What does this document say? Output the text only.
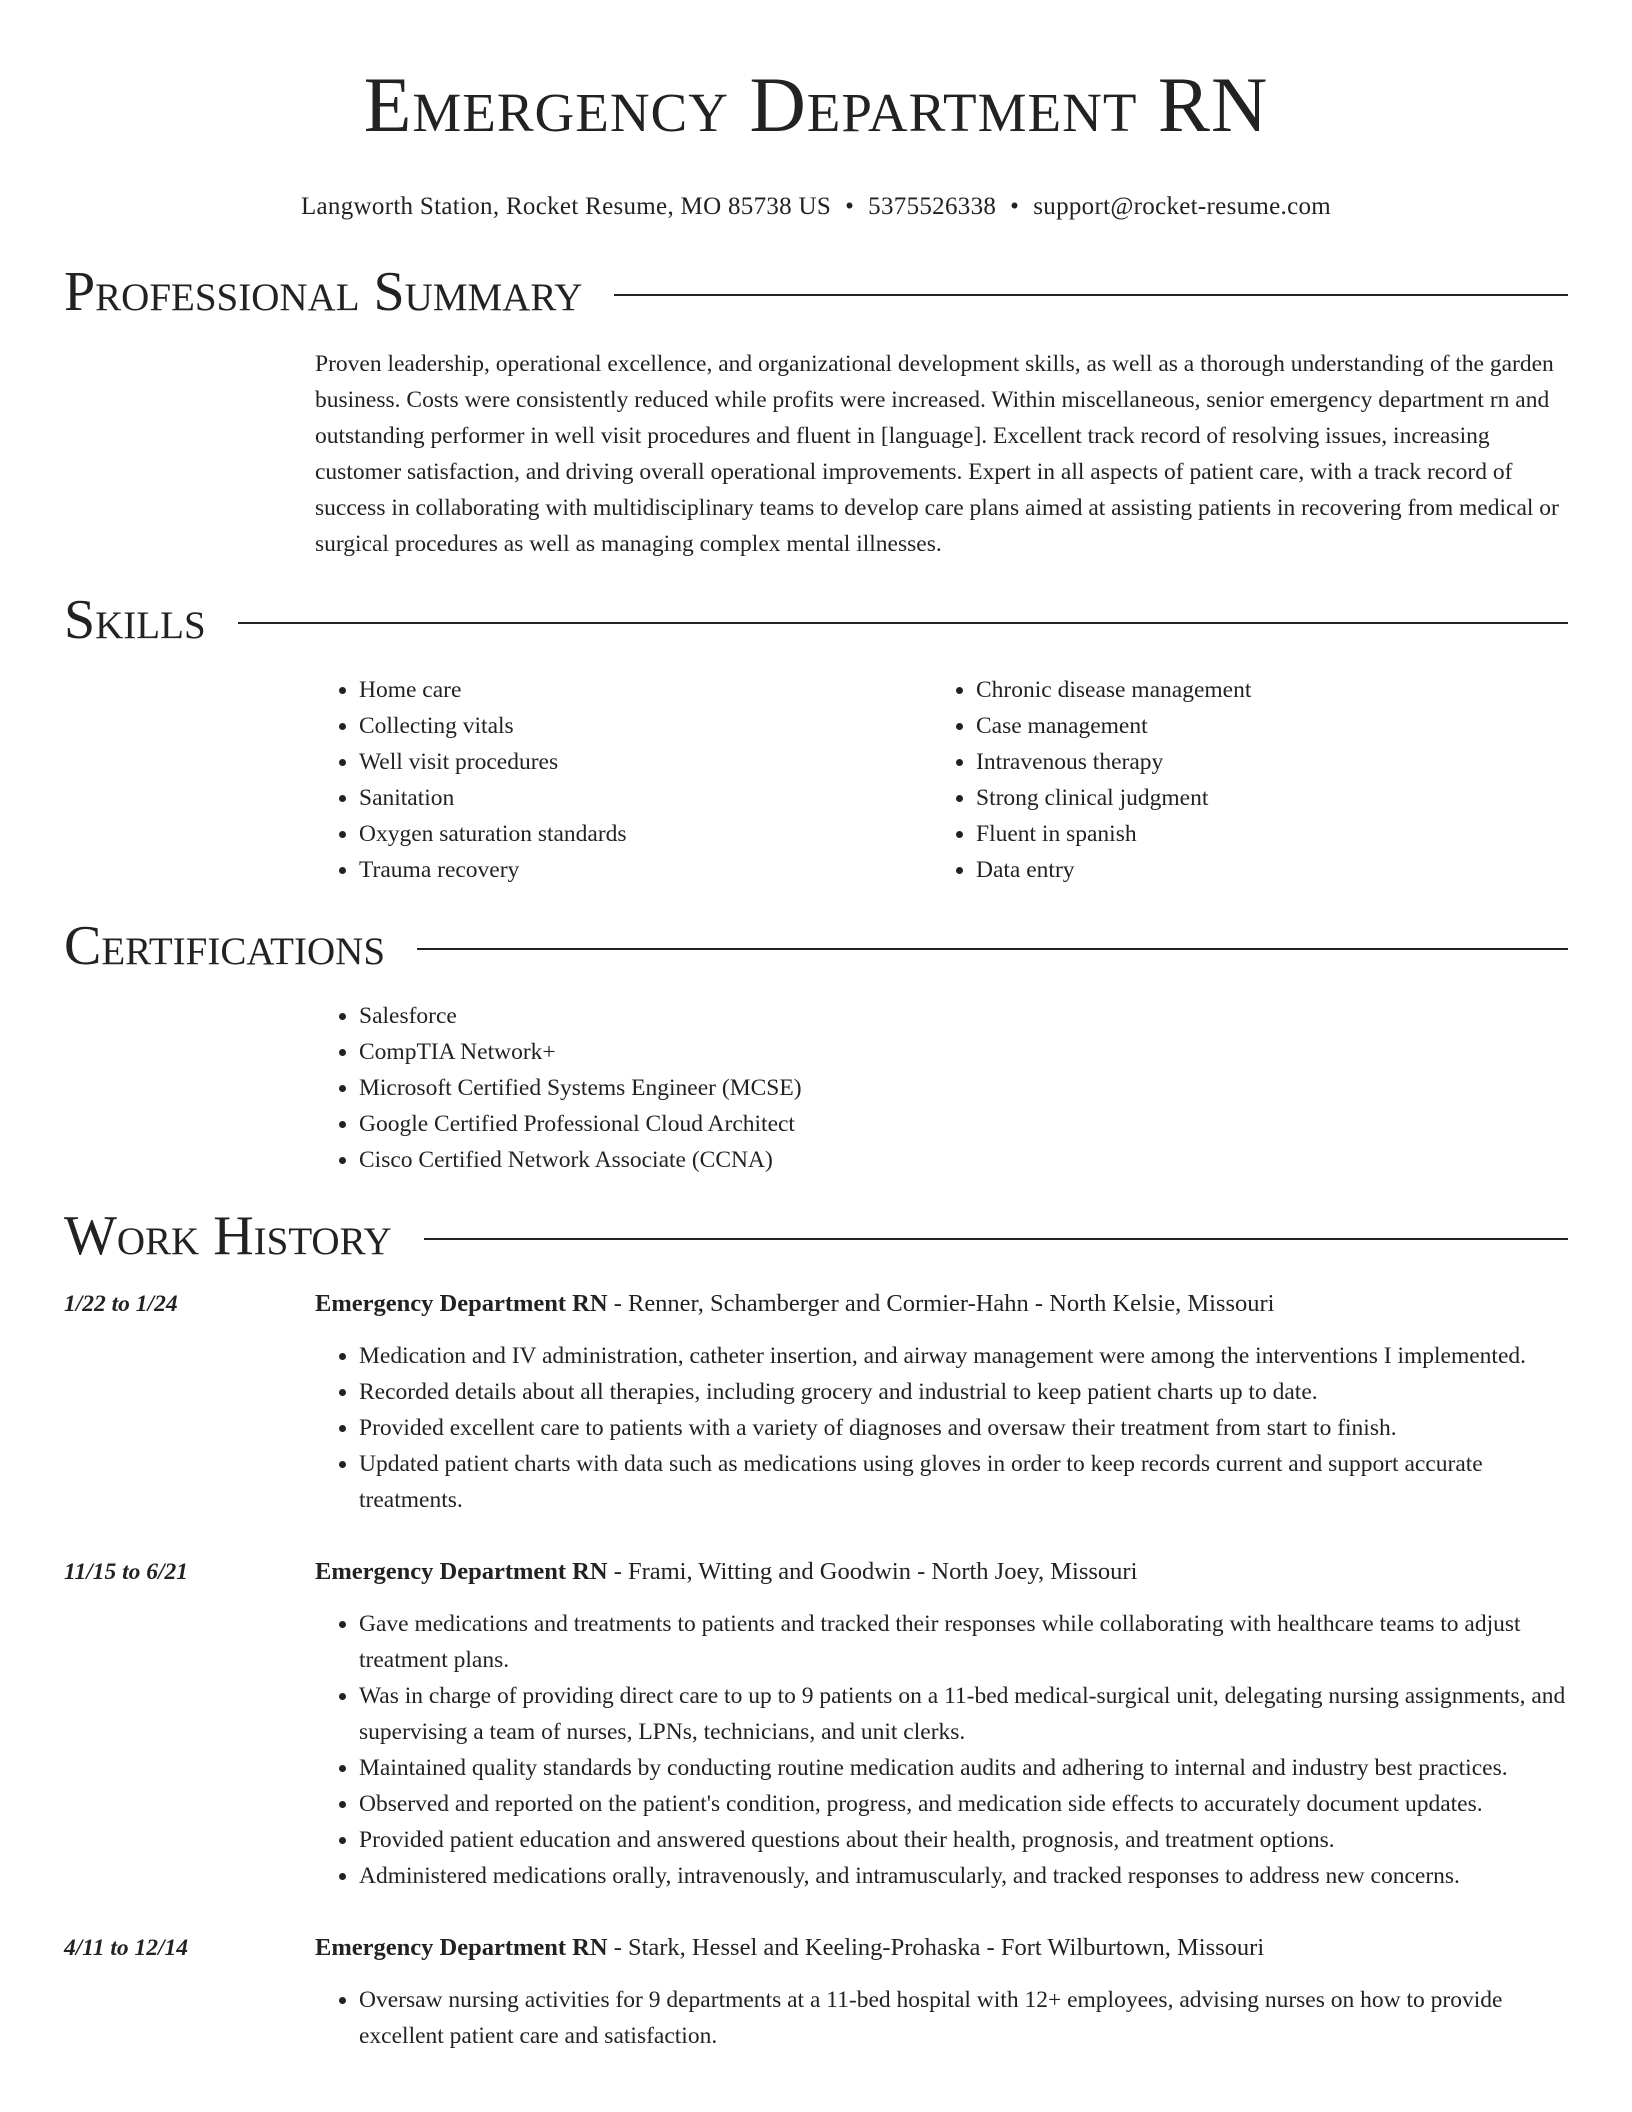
Emergency Department RN
Langworth Station, Rocket Resume, MO 85738 US • 5375526338 • support@rocket-resume.com
Professional Summary
Proven leadership, operational excellence, and organizational development skills, as well as a thorough understanding of the garden business. Costs were consistently reduced while profits were increased. Within miscellaneous, senior emergency department rn and outstanding performer in well visit procedures and fluent in [language]. Excellent track record of resolving issues, increasing customer satisfaction, and driving overall operational improvements. Expert in all aspects of patient care, with a track record of success in collaborating with multidisciplinary teams to develop care plans aimed at assisting patients in recovering from medical or surgical procedures as well as managing complex mental illnesses.
Skills
• Home care
• Collecting vitals
• Well visit procedures
• Sanitation
• Oxygen saturation standards
• Trauma recovery
• Chronic disease management
• Case management
• Intravenous therapy
• Strong clinical judgment
• Fluent in spanish
• Data entry
Certifications
• Salesforce
• CompTIA Network+
• Microsoft Certified Systems Engineer (MCSE)
• Google Certified Professional Cloud Architect
• Cisco Certified Network Associate (CCNA)
Work History
1/22 to 1/24	Emergency Department RN - Renner, Schamberger and Cormier-Hahn - North Kelsie, Missouri
• Medication and IV administration, catheter insertion, and airway management were among the interventions I implemented.
• Recorded details about all therapies, including grocery and industrial to keep patient charts up to date.
• Provided excellent care to patients with a variety of diagnoses and oversaw their treatment from start to finish.
• Updated patient charts with data such as medications using gloves in order to keep records current and support accurate treatments.
11/15 to 6/21	Emergency Department RN - Frami, Witting and Goodwin - North Joey, Missouri
• Gave medications and treatments to patients and tracked their responses while collaborating with healthcare teams to adjust treatment plans.
• Was in charge of providing direct care to up to 9 patients on a 11-bed medical-surgical unit, delegating nursing assignments, and supervising a team of nurses, LPNs, technicians, and unit clerks.
• Maintained quality standards by conducting routine medication audits and adhering to internal and industry best practices.
• Observed and reported on the patient's condition, progress, and medication side effects to accurately document updates.
• Provided patient education and answered questions about their health, prognosis, and treatment options.
• Administered medications orally, intravenously, and intramuscularly, and tracked responses to address new concerns.
4/11 to 12/14	Emergency Department RN - Stark, Hessel and Keeling-Prohaska - Fort Wilburtown, Missouri
• Oversaw nursing activities for 9 departments at a 11-bed hospital with 12+ employees, advising nurses on how to provide excellent patient care and satisfaction.
